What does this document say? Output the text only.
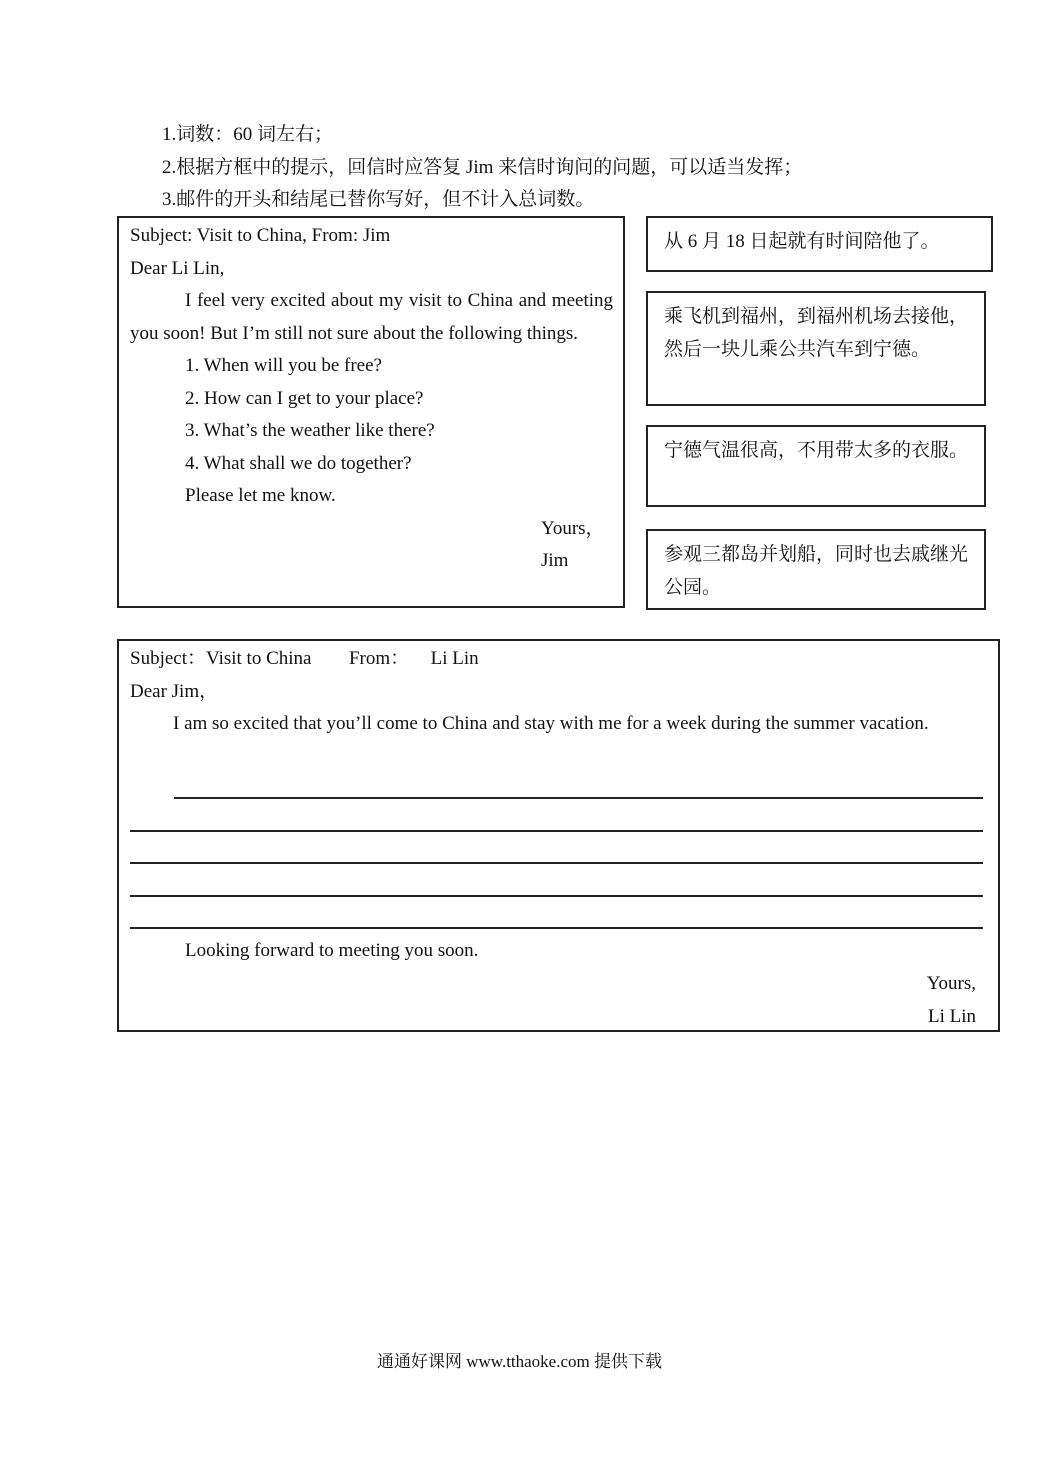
1.词数：60 词左右；
2.根据方框中的提示，回信时应答复 Jim 来信时询问的问题，可以适当发挥；
3.邮件的开头和结尾已替你写好，但不计入总词数。
Subject: Visit to China, From: Jim
Dear Li Lin,
I feel very excited about my visit to China and meeting you soon! But I’m still not sure about the following things.
1. When will you be free?
2. How can I get to your place?
3. What’s the weather like there?
4. What shall we do together?
Please let me know.
Yours，
Jim
从 6 月 18 日起就有时间陪他了。
乘飞机到福州，到福州机场去接他，然后一块儿乘公共汽车到宁德。
宁德气温很高，不用带太多的衣服。
参观三都岛并划船，同时也去戚继光公园。
Subject：Visit to China From： Li Lin
Dear Jim，
I am so excited that you’ll come to China and stay with me for a week during the summer vacation.
Looking forward to meeting you soon.
Yours,
Li Lin
通通好课网 www.tthaoke.com 提供下载
